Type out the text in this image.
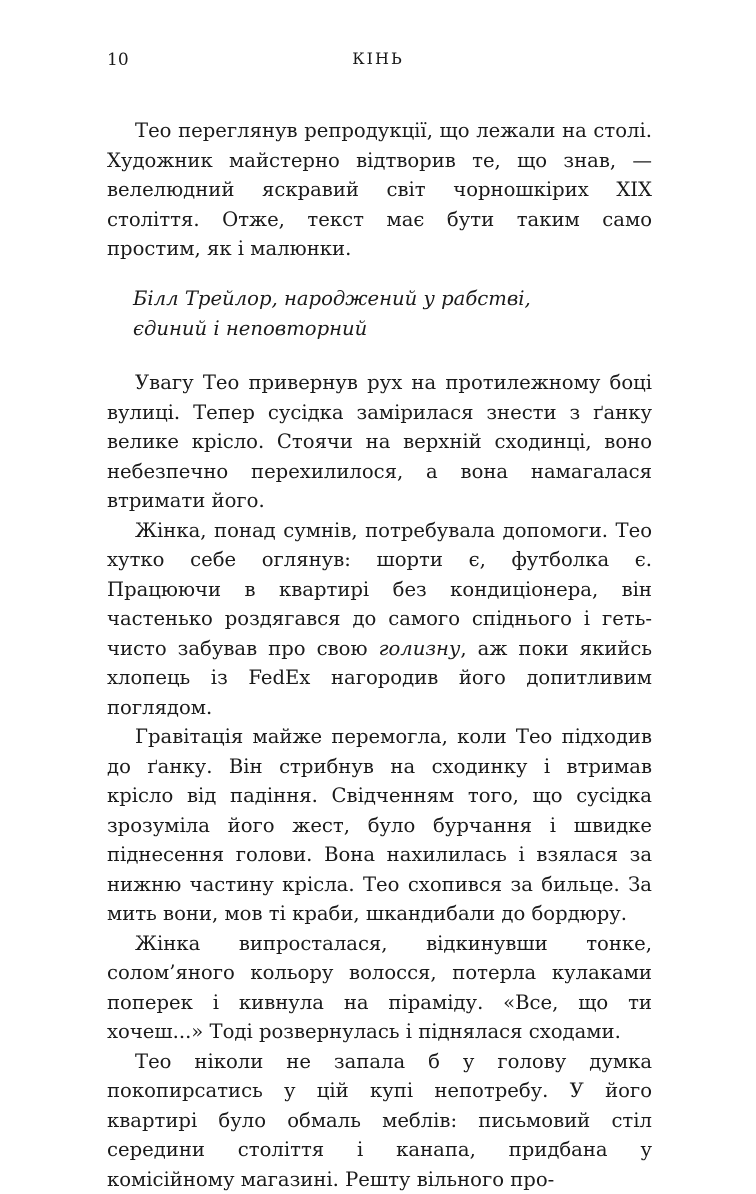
10	КІНЬ

Тео переглянув репродукції, що лежали на столі. Художник майстерно відтворив те, що знав, — велелюдний яскравий світ чорношкірих XIX століття. Отже, текст має бути таким само простим, як і малюнки.

Білл Трейлор, народжений у рабстві,
єдиний і неповторний

Увагу Тео привернув рух на протилежному боці вулиці. Тепер сусідка замірилася знести з ґанку велике крісло. Стоячи на верхній сходинці, воно небезпечно перехилилося, а вона намагалася втримати його.

Жінка, понад сумнів, потребувала допомоги. Тео хутко себе оглянув: шорти є, футболка є. Працюючи в квартирі без кондиціонера, він частенько роздягався до самого спіднього і геть-чисто забував про свою голизну, аж поки якийсь хлопець із FedEx нагородив його допитливим поглядом.

Гравітація майже перемогла, коли Тео підходив до ґанку. Він стрибнув на сходинку і втримав крісло від падіння. Свідченням того, що сусідка зрозуміла його жест, було бурчання і швидке піднесення голови. Вона нахилилась і взялася за нижню частину крісла. Тео схопився за бильце. За мить вони, мов ті краби, шкандибали до бордюру.

Жінка випросталася, відкинувши тонке, солом’яного кольору волосся, потерла кулаками поперек і кивнула на піраміду. «Все, що ти хочеш...» Тоді розвернулась і піднялася сходами.

Тео ніколи не запала б у голову думка покопирсатись у цій купі непотребу. У його квартирі було обмаль меблів: письмовий стіл середини століття і канапа, придбана у комісійному магазині. Решту вільного про-
